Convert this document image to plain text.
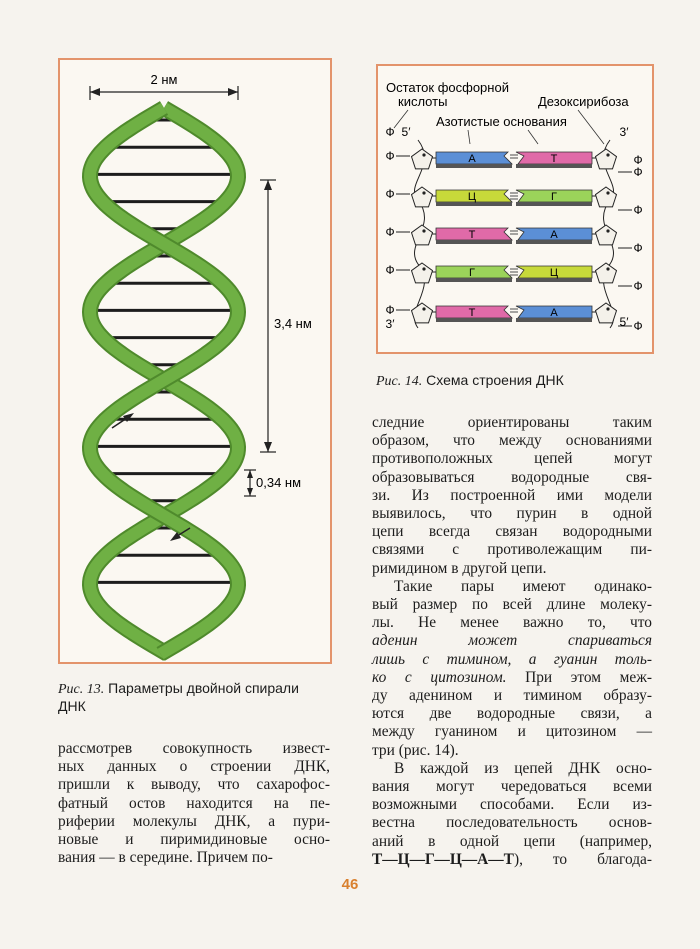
2 нм
3,4 нм
0,34 нм
Рис. 13. Параметры двойной спирали
ДНК
Остаток фосфорной
кислоты	Дезоксирибоза
Азотистые основания
Ф
Ф
А	Т
Ф
Ф
Ц	Г
Ф
Ф
Т	А
Ф
Ф
Г	Ц
Ф
Ф
Т	А
Ф
Ф
5′	3′
3′	5′
Рис. 14. Схема строения ДНК
рассмотрев совокупность извест-
ных данных о строении ДНК,
пришли к выводу, что сахарофос-
фатный остов находится на пе-
риферии молекулы ДНК, а пури-
новые и пиримидиновые осно-
вания — в середине. Причем по-
следние ориентированы таким
образом, что между основаниями
противоположных цепей могут
образовываться водородные свя-
зи. Из построенной ими модели
выявилось, что пурин в одной
цепи всегда связан водородными
связями с противолежащим пи-
римидином в другой цепи.
Такие пары имеют одинако-
вый размер по всей длине молеку-
лы. Не менее важно то, что
аденин может спариваться
лишь с тимином, а гуанин толь-
ко с цитозином. При этом меж-
ду аденином и тимином образу-
ются две водородные связи, а
между гуанином и цитозином —
три (рис. 14).
В каждой из цепей ДНК осно-
вания могут чередоваться всеми
возможными способами. Если из-
вестна последовательность основ-
аний в одной цепи (например,
Т—Ц—Г—Ц—А—Т), то благода-
46
